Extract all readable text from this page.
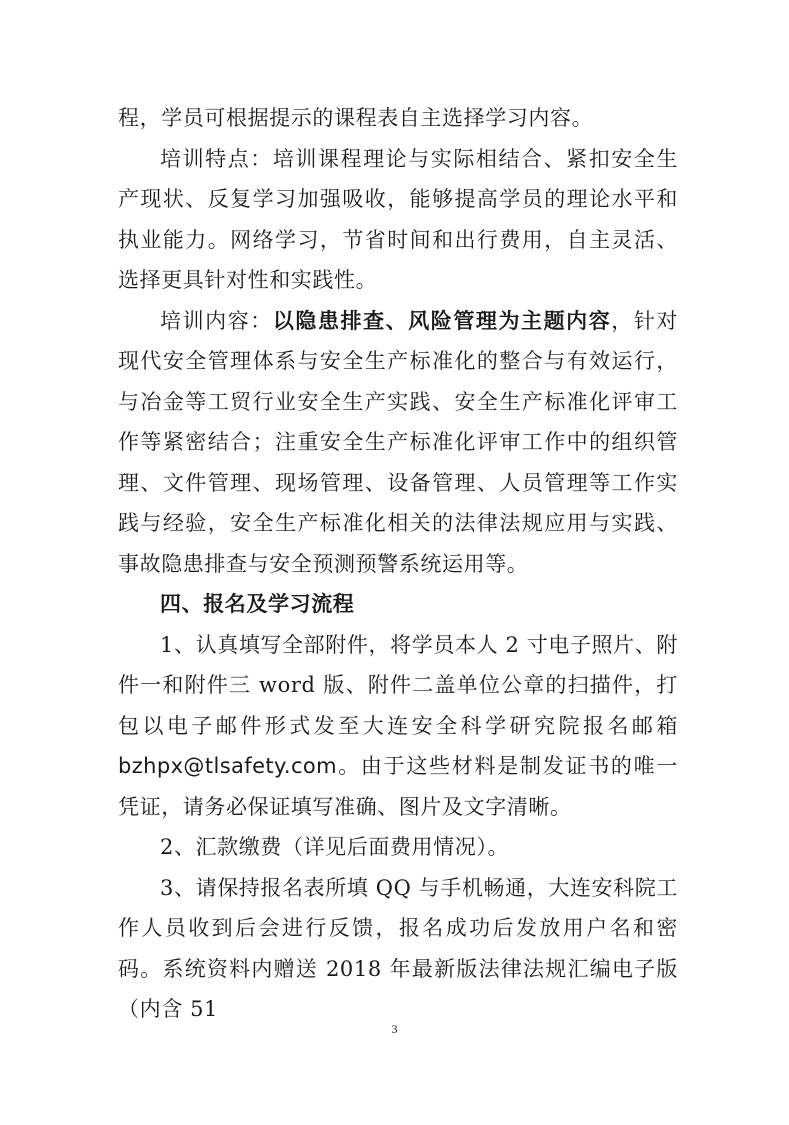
程，学员可根据提示的课程表自主选择学习内容。

培训特点：培训课程理论与实际相结合、紧扣安全生产现状、反复学习加强吸收，能够提高学员的理论水平和执业能力。网络学习，节省时间和出行费用，自主灵活、选择更具针对性和实践性。

培训内容：以隐患排查、风险管理为主题内容，针对现代安全管理体系与安全生产标准化的整合与有效运行，与冶金等工贸行业安全生产实践、安全生产标准化评审工作等紧密结合；注重安全生产标准化评审工作中的组织管理、文件管理、现场管理、设备管理、人员管理等工作实践与经验，安全生产标准化相关的法律法规应用与实践、事故隐患排查与安全预测预警系统运用等。

四、报名及学习流程

1、认真填写全部附件，将学员本人 2 寸电子照片、附件一和附件三 word 版、附件二盖单位公章的扫描件，打包以电子邮件形式发至大连安全科学研究院报名邮箱bzhpx@tlsafety.com。由于这些材料是制发证书的唯一凭证，请务必保证填写准确、图片及文字清晰。

2、汇款缴费（详见后面费用情况）。

3、请保持报名表所填 QQ 与手机畅通，大连安科院工作人员收到后会进行反馈，报名成功后发放用户名和密码。系统资料内赠送 2018 年最新版法律法规汇编电子版（内含 51

3
